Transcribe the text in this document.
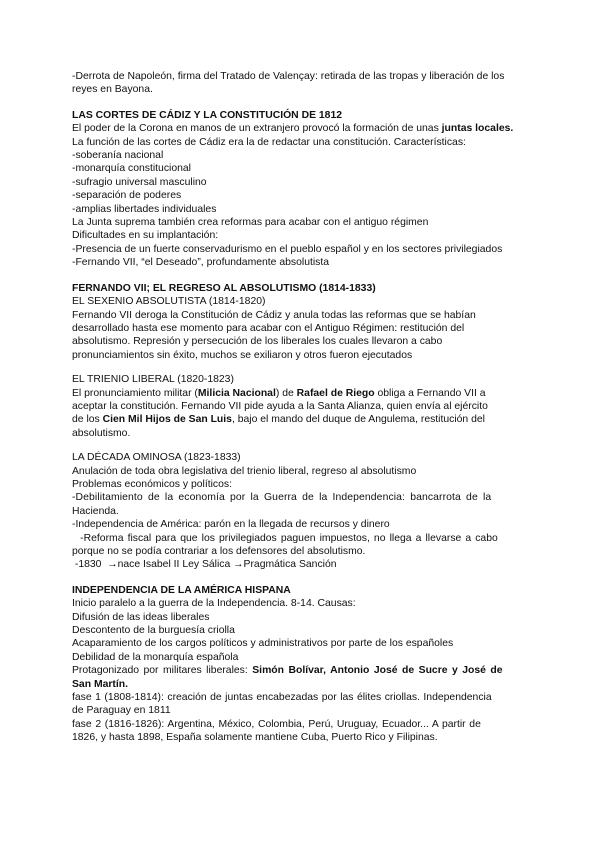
-Derrota de Napoleón, firma del Tratado de Valençay: retirada de las tropas y liberación de los
reyes en Bayona.
LAS CORTES DE CÁDIZ Y LA CONSTITUCIÓN DE 1812
El poder de la Corona en manos de un extranjero provocó la formación de unas juntas locales.
La función de las cortes de Cádiz era la de redactar una constitución. Características:
-soberanía nacional
-monarquía constitucional
-sufragio universal masculino
-separación de poderes
-amplias libertades individuales
La Junta suprema también crea reformas para acabar con el antiguo régimen
Dificultades en su implantación:
-Presencia de un fuerte conservadurismo en el pueblo español y en los sectores privilegiados
-Fernando VII, “el Deseado”, profundamente absolutista
FERNANDO VII; EL REGRESO AL ABSOLUTISMO (1814-1833)
EL SEXENIO ABSOLUTISTA (1814-1820)
Fernando VII deroga la Constitución de Cádiz y anula todas las reformas que se habían
desarrollado hasta ese momento para acabar con el Antiguo Régimen: restitución del
absolutismo. Represión y persecución de los liberales los cuales llevaron a cabo
pronunciamientos sin éxito, muchos se exiliaron y otros fueron ejecutados
EL TRIENIO LIBERAL (1820-1823)
El pronunciamiento militar (Milicia Nacional) de Rafael de Riego obliga a Fernando VII a
aceptar la constitución. Fernando VII pide ayuda a la Santa Alianza, quien envía al ejército
de los Cien Mil Hijos de San Luis, bajo el mando del duque de Angulema, restitución del
absolutismo.
LA DÉCADA OMINOSA (1823-1833)
Anulación de toda obra legislativa del trienio liberal, regreso al absolutismo
Problemas económicos y políticos:
-Debilitamiento de la economía por la Guerra de la Independencia: bancarrota de la
Hacienda.
-Independencia de América: parón en la llegada de recursos y dinero
-Reforma fiscal para que los privilegiados paguen impuestos, no llega a llevarse a cabo
porque no se podía contrariar a los defensores del absolutismo.
-1830  →nace Isabel II Ley Sálica →Pragmática Sanción
INDEPENDENCIA DE LA AMÉRICA HISPANA
Inicio paralelo a la guerra de la Independencia. 8-14. Causas:
Difusión de las ideas liberales
Descontento de la burguesía criolla
Acaparamiento de los cargos políticos y administrativos por parte de los españoles
Debilidad de la monarquía española
Protagonizado por militares liberales: Simón Bolívar, Antonio José de Sucre y José de
San Martín.
fase 1 (1808-1814): creación de juntas encabezadas por las élites criollas. Independencia
de Paraguay en 1811
fase 2 (1816-1826): Argentina, México, Colombia, Perú, Uruguay, Ecuador... A partir de
1826, y hasta 1898, España solamente mantiene Cuba, Puerto Rico y Filipinas.
